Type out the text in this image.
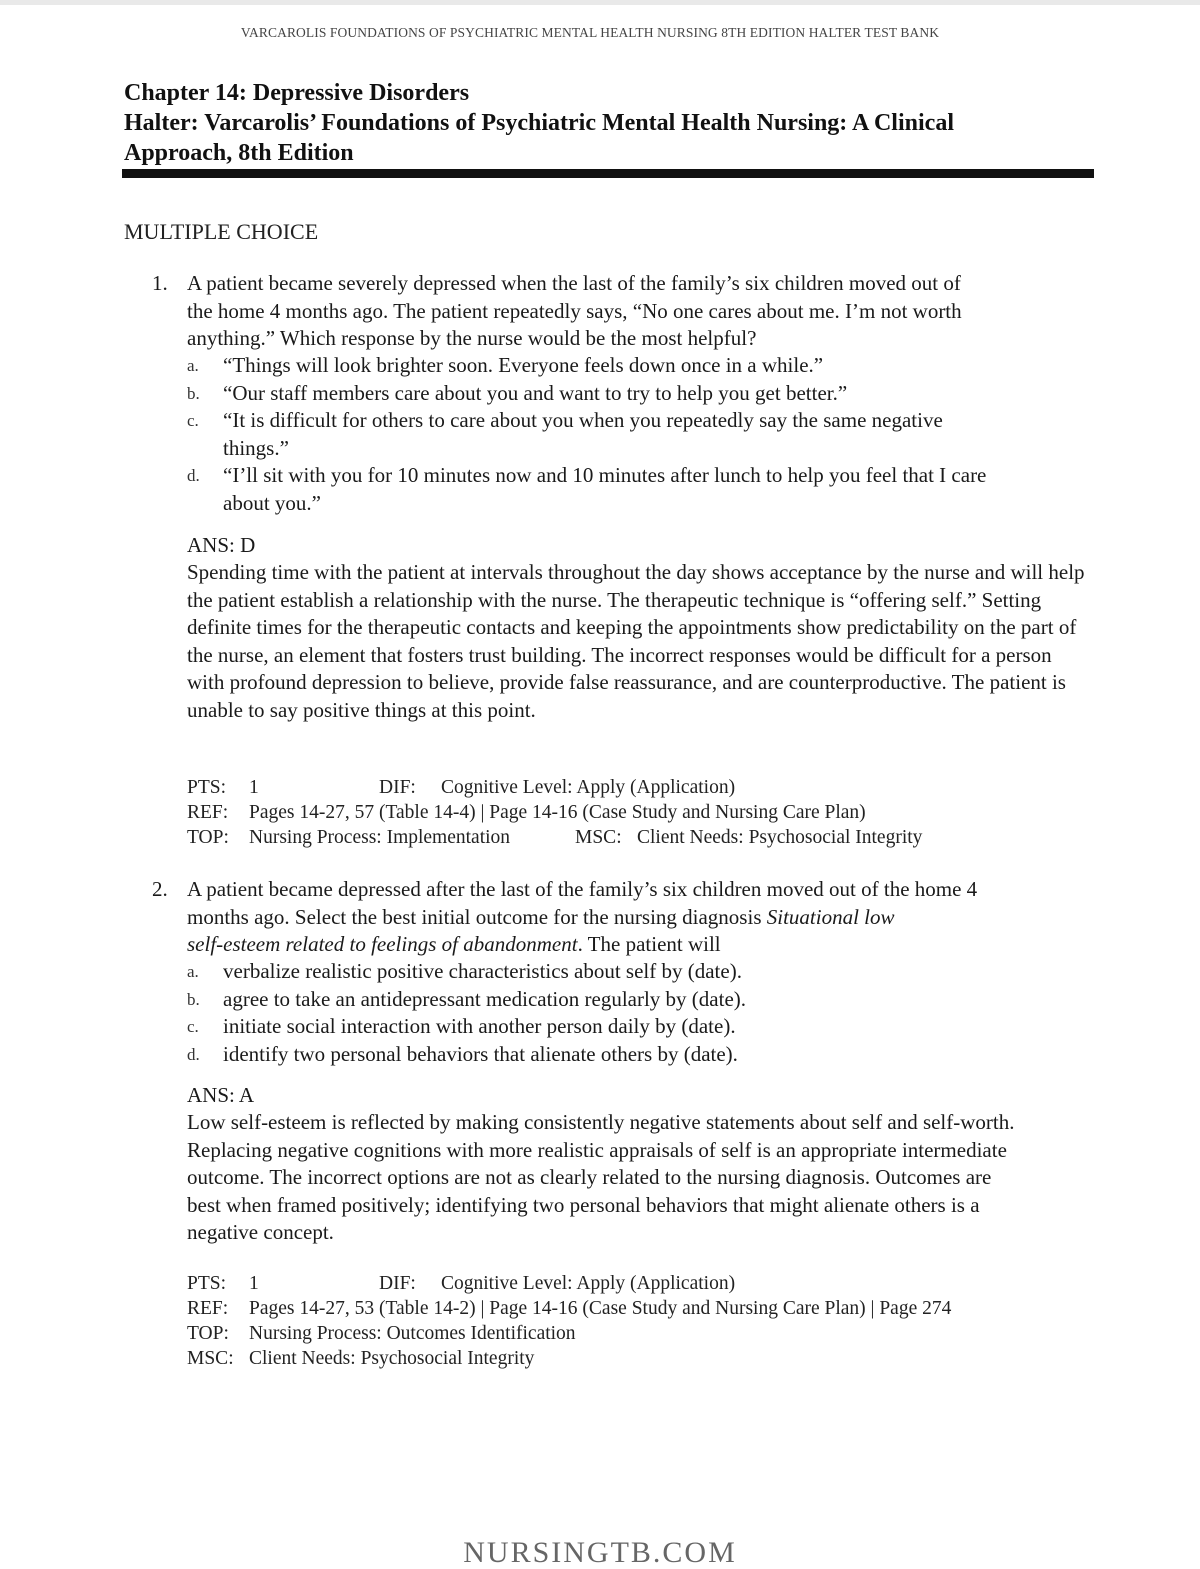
VARCAROLIS FOUNDATIONS OF PSYCHIATRIC MENTAL HEALTH NURSING 8TH EDITION HALTER TEST BANK
Chapter 14: Depressive Disorders
Halter: Varcarolis’ Foundations of Psychiatric Mental Health Nursing: A Clinical
Approach, 8th Edition
MULTIPLE CHOICE
1. A patient became severely depressed when the last of the family’s six children moved out of
the home 4 months ago. The patient repeatedly says, “No one cares about me. I’m not worth
anything.” Which response by the nurse would be the most helpful?
a. “Things will look brighter soon. Everyone feels down once in a while.”
b. “Our staff members care about you and want to try to help you get better.”
c. “It is difficult for others to care about you when you repeatedly say the same negative things.”
d. “I’ll sit with you for 10 minutes now and 10 minutes after lunch to help you feel that I care about you.”
ANS: D
Spending time with the patient at intervals throughout the day shows acceptance by the nurse and will help the patient establish a relationship with the nurse. The therapeutic technique is “offering self.” Setting definite times for the therapeutic contacts and keeping the appointments show predictability on the part of the nurse, an element that fosters trust building. The incorrect responses would be difficult for a person with profound depression to believe, provide false reassurance, and are counterproductive. The patient is unable to say positive things at this point.
PTS: 1	DIF: Cognitive Level: Apply (Application)
REF: Pages 14-27, 57 (Table 14-4) | Page 14-16 (Case Study and Nursing Care Plan)
TOP: Nursing Process: Implementation	MSC: Client Needs: Psychosocial Integrity
2. A patient became depressed after the last of the family’s six children moved out of the home 4
months ago. Select the best initial outcome for the nursing diagnosis Situational low
self-esteem related to feelings of abandonment. The patient will
a. verbalize realistic positive characteristics about self by (date).
b. agree to take an antidepressant medication regularly by (date).
c. initiate social interaction with another person daily by (date).
d. identify two personal behaviors that alienate others by (date).
ANS: A
Low self-esteem is reflected by making consistently negative statements about self and self-worth. Replacing negative cognitions with more realistic appraisals of self is an appropriate intermediate outcome. The incorrect options are not as clearly related to the nursing diagnosis. Outcomes are best when framed positively; identifying two personal behaviors that might alienate others is a negative concept.
PTS: 1	DIF: Cognitive Level: Apply (Application)
REF: Pages 14-27, 53 (Table 14-2) | Page 14-16 (Case Study and Nursing Care Plan) | Page 274
TOP: Nursing Process: Outcomes Identification
MSC: Client Needs: Psychosocial Integrity
NURSINGTB.COM
